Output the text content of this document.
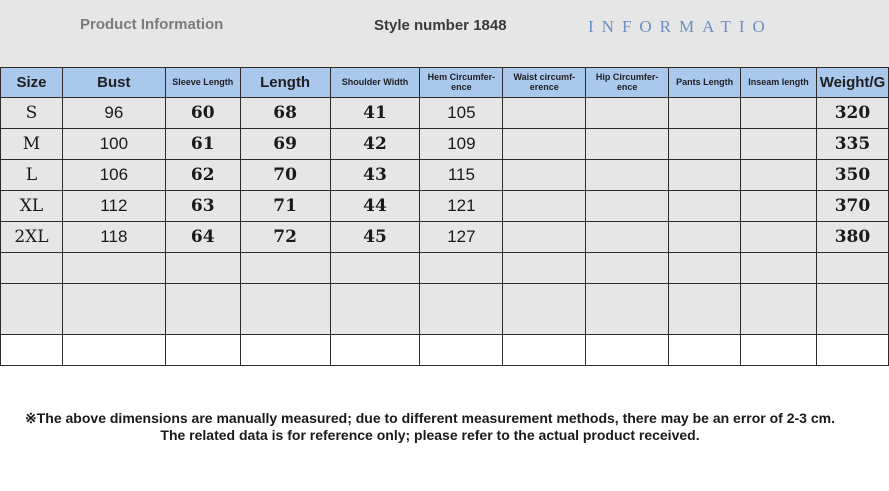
Product Information	Style number 1848	INFORMATIO
Size	Bust	Sleeve Length	Length	Shoulder Width	Hem Circumfer-ence	Waist circumf-erence	Hip Circumfer-ence	Pants Length	Inseam length	Weight/G
S	96	60	68	41	105					320
M	100	61	69	42	109					335
L	106	62	70	43	115					350
XL	112	63	71	44	121					370
2XL	118	64	72	45	127					380

※The above dimensions are manually measured; due to different measurement methods, there may be an error of 2-3 cm.
The related data is for reference only; please refer to the actual product received.
